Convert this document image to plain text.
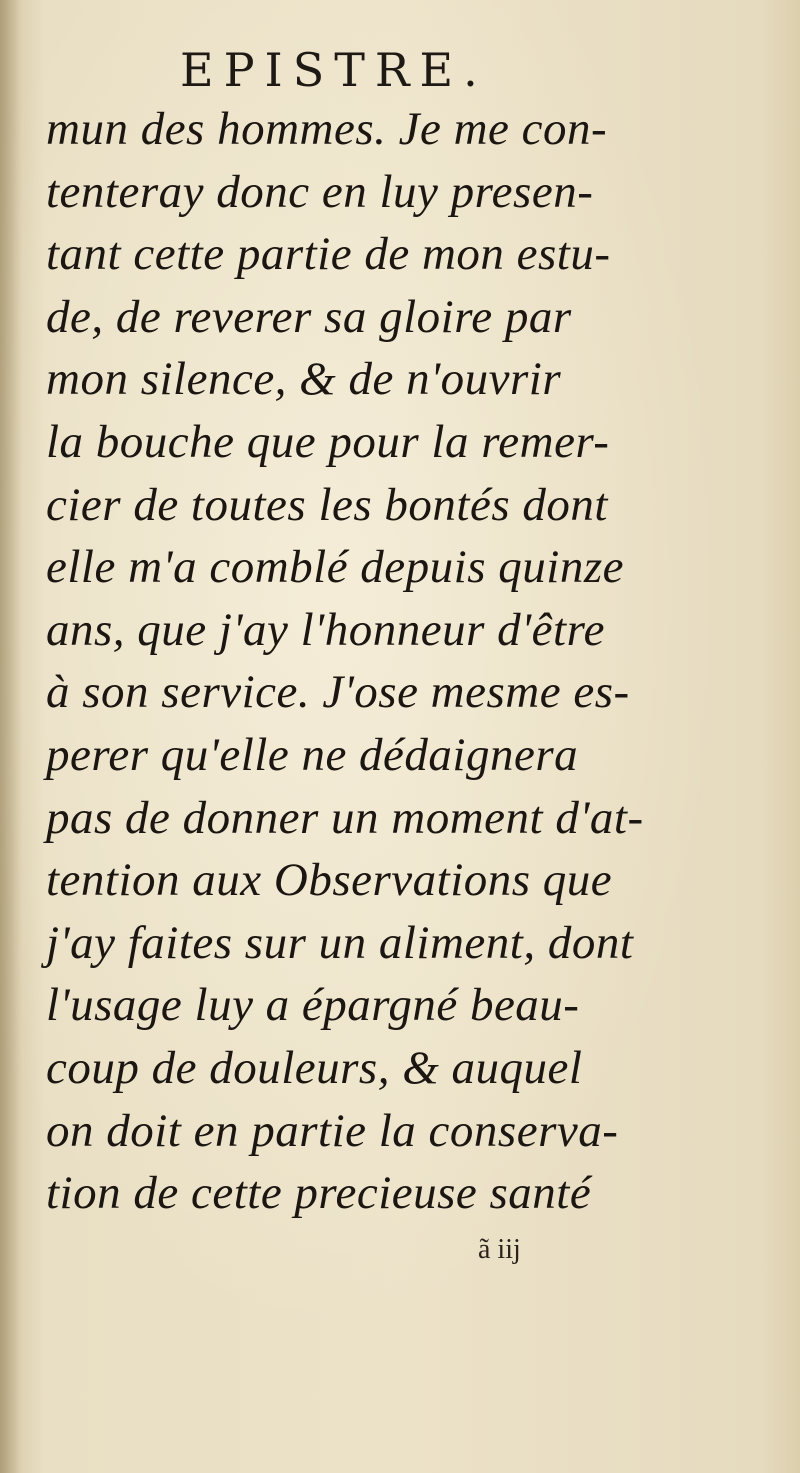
EPISTRE.
mun des hommes. Je me con-
tenteray donc en luy presen-
tant cette partie de mon estu-
de, de reverer sa gloire par
mon silence, & de n'ouvrir
la bouche que pour la remer-
cier de toutes les bontés dont
elle m'a comblé depuis quinze
ans, que j'ay l'honneur d'être
à son service. J'ose mesme es-
perer qu'elle ne dédaignera
pas de donner un moment d'at-
tention aux Observations que
j'ay faites sur un aliment, dont
l'usage luy a épargné beau-
coup de douleurs, & auquel
on doit en partie la conserva-
tion de cette precieuse santé
ã iij
